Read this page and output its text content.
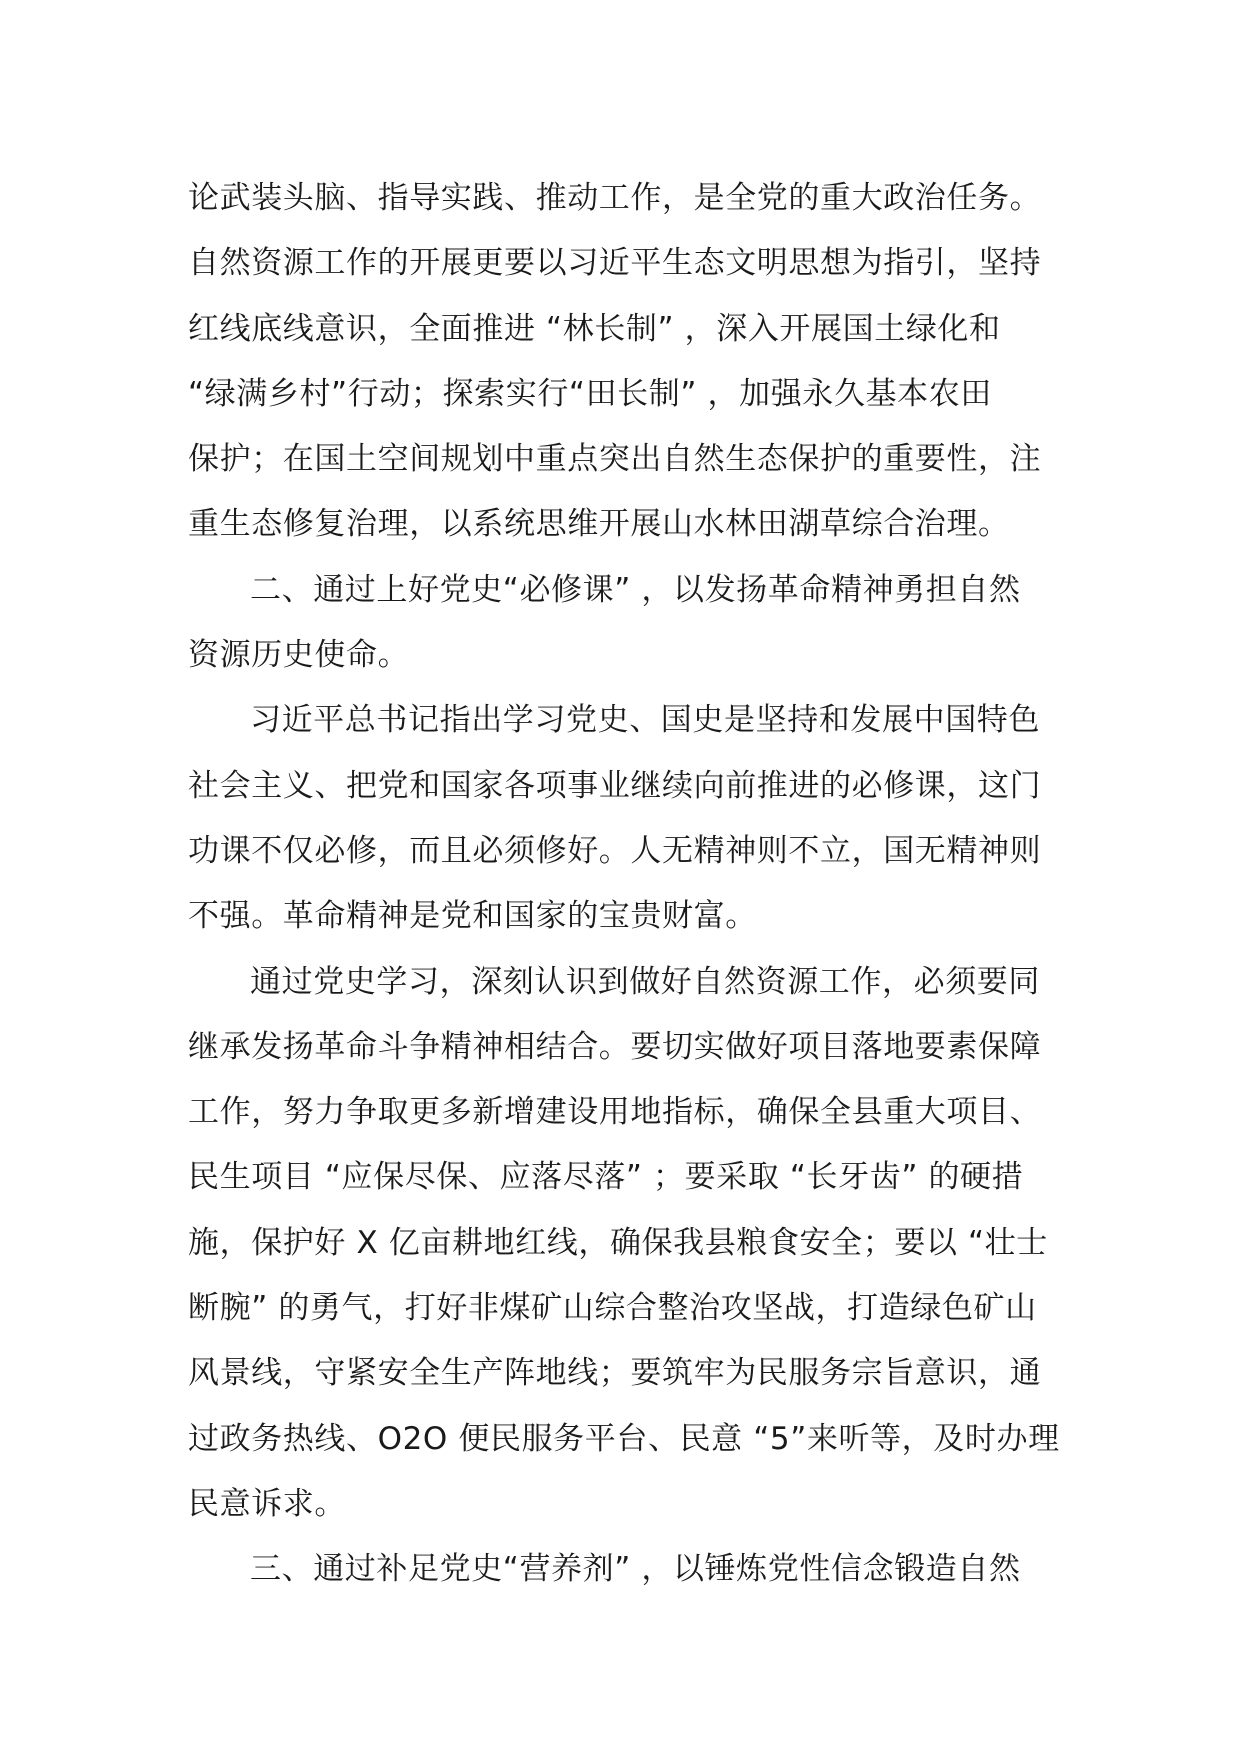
论武装头脑、指导实践、推动工作，是全党的重大政治任务。
自然资源工作的开展更要以习近平生态文明思想为指引，坚持
红线底线意识，全面推进 “林长制” ，深入开展国土绿化和
“绿满乡村”行动；探索实行“田长制” ，加强永久基本农田
保护；在国土空间规划中重点突出自然生态保护的重要性，注
重生态修复治理，以系统思维开展山水林田湖草综合治理。
二、通过上好党史“必修课” ，以发扬革命精神勇担自然
资源历史使命。
习近平总书记指出学习党史、国史是坚持和发展中国特色
社会主义、把党和国家各项事业继续向前推进的必修课，这门
功课不仅必修，而且必须修好。人无精神则不立，国无精神则
不强。革命精神是党和国家的宝贵财富。
通过党史学习，深刻认识到做好自然资源工作，必须要同
继承发扬革命斗争精神相结合。要切实做好项目落地要素保障
工作，努力争取更多新增建设用地指标，确保全县重大项目、
民生项目 “应保尽保、应落尽落” ；要采取 “长牙齿” 的硬措
施，保护好 X 亿亩耕地红线，确保我县粮食安全；要以 “壮士
断腕” 的勇气，打好非煤矿山综合整治攻坚战，打造绿色矿山
风景线，守紧安全生产阵地线；要筑牢为民服务宗旨意识，通
过政务热线、O2O 便民服务平台、民意 “5”来听等，及时办理
民意诉求。
三、通过补足党史“营养剂” ，以锤炼党性信念锻造自然
